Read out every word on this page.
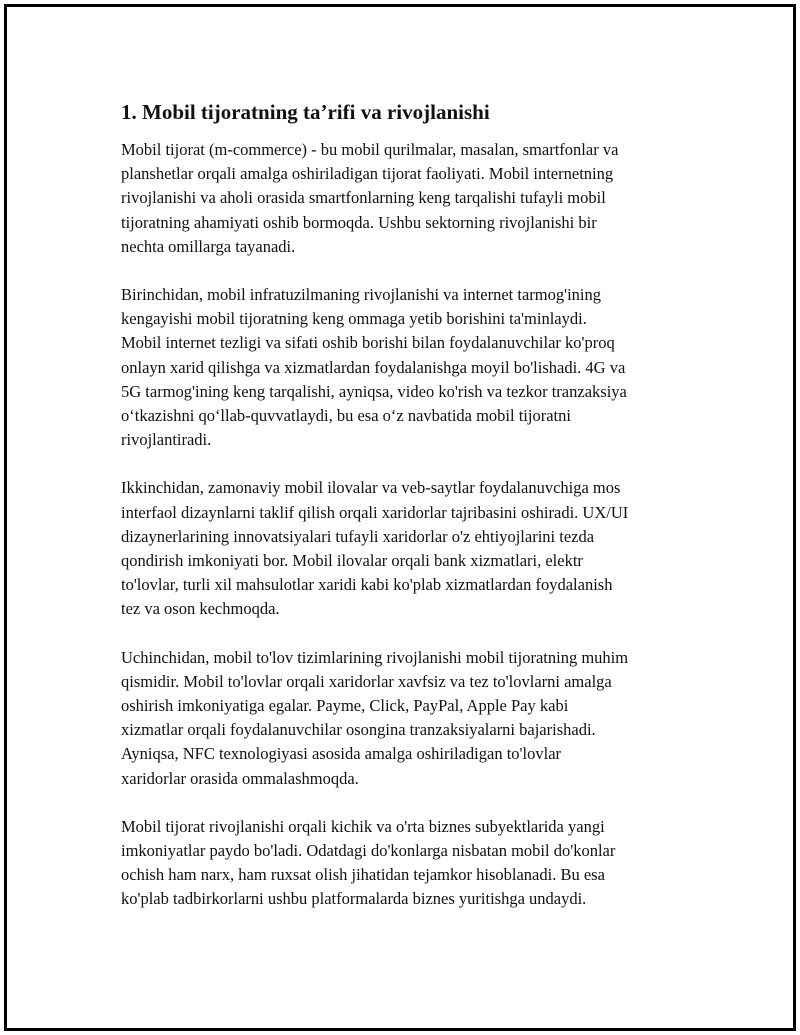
1. Mobil tijoratning ta’rifi va rivojlanishi
Mobil tijorat (m-commerce) - bu mobil qurilmalar, masalan, smartfonlar va
planshetlar orqali amalga oshiriladigan tijorat faoliyati. Mobil internetning
rivojlanishi va aholi orasida smartfonlarning keng tarqalishi tufayli mobil
tijoratning ahamiyati oshib bormoqda. Ushbu sektorning rivojlanishi bir
nechta omillarga tayanadi.
Birinchidan, mobil infratuzilmaning rivojlanishi va internet tarmog'ining
kengayishi mobil tijoratning keng ommaga yetib borishini ta'minlaydi.
Mobil internet tezligi va sifati oshib borishi bilan foydalanuvchilar ko'proq
onlayn xarid qilishga va xizmatlardan foydalanishga moyil bo'lishadi. 4G va
5G tarmog'ining keng tarqalishi, ayniqsa, video ko'rish va tezkor tranzaksiya
o‘tkazishni qo‘llab-quvvatlaydi, bu esa o‘z navbatida mobil tijoratni
rivojlantiradi.
Ikkinchidan, zamonaviy mobil ilovalar va veb-saytlar foydalanuvchiga mos
interfaol dizaynlarni taklif qilish orqali xaridorlar tajribasini oshiradi. UX/UI
dizaynerlarining innovatsiyalari tufayli xaridorlar o'z ehtiyojlarini tezda
qondirish imkoniyati bor. Mobil ilovalar orqali bank xizmatlari, elektr
to'lovlar, turli xil mahsulotlar xaridi kabi ko'plab xizmatlardan foydalanish
tez va oson kechmoqda.
Uchinchidan, mobil to'lov tizimlarining rivojlanishi mobil tijoratning muhim
qismidir. Mobil to'lovlar orqali xaridorlar xavfsiz va tez to'lovlarni amalga
oshirish imkoniyatiga egalar. Payme, Click, PayPal, Apple Pay kabi
xizmatlar orqali foydalanuvchilar osongina tranzaksiyalarni bajarishadi.
Ayniqsa, NFC texnologiyasi asosida amalga oshiriladigan to'lovlar
xaridorlar orasida ommalashmoqda.
Mobil tijorat rivojlanishi orqali kichik va o'rta biznes subyektlarida yangi
imkoniyatlar paydo bo'ladi. Odatdagi do'konlarga nisbatan mobil do'konlar
ochish ham narx, ham ruxsat olish jihatidan tejamkor hisoblanadi. Bu esa
ko'plab tadbirkorlarni ushbu platformalarda biznes yuritishga undaydi.
